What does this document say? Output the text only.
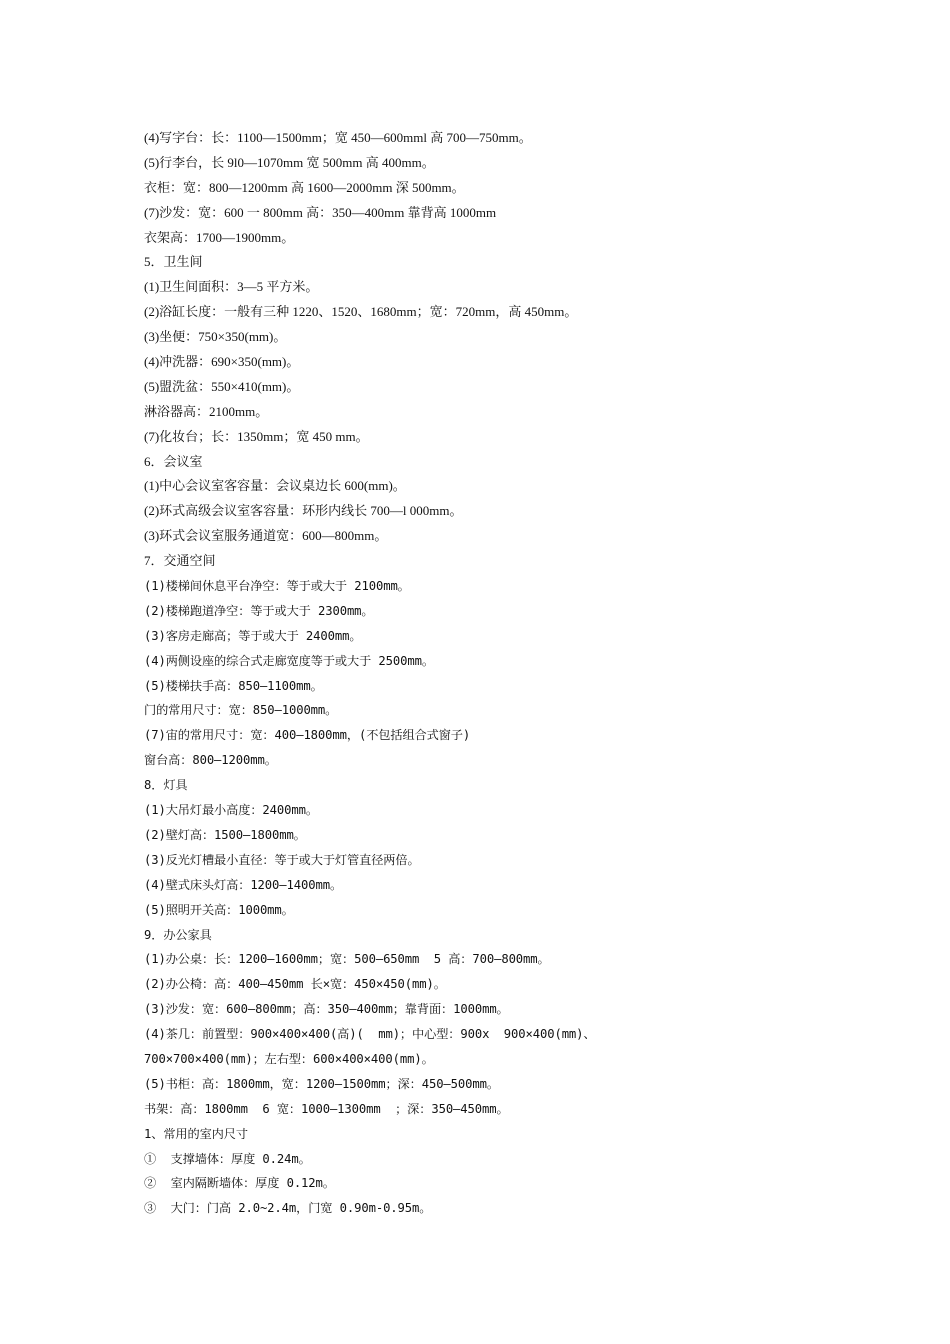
(4)写字台：长：1100—1500mm；宽 450—600mml 高 700—750mm。
(5)行李台，长 9l0—1070mm 宽 500mm 高 400mm。
衣柜：宽：800—1200mm 高 1600—2000mm 深 500mm。
(7)沙发：宽：600 一 800mm 高：350—400mm 靠背高 1000mm
衣架高：1700—1900mm。
5．卫生间
(1)卫生间面积：3—5 平方米。
(2)浴缸长度：一般有三种 1220、1520、1680mm；宽：720mm，高 450mm。
(3)坐便：750×350(mm)。
(4)冲洗器：690×350(mm)。
(5)盟洗盆：550×410(mm)。
淋浴器高：2100mm。
(7)化妆台；长：1350mm；宽 450 mm。
6．会议室
(1)中心会议室客容量：会议桌边长 600(mm)。
(2)环式高级会议室客容量：环形内线长 700—l 000mm。
(3)环式会议室服务通道宽：600—800mm。
7．交通空间
(1)楼梯间休息平台净空：等于或大于 2100mm。
(2)楼梯跑道净空：等于或大于 2300mm。
(3)客房走廊高；等于或大于 2400mm。
(4)两侧设座的综合式走廊宽度等于或大于 2500mm。
(5)楼梯扶手高：850—1100mm。
门的常用尺寸：宽：850—1000mm。
(7)宙的常用尺寸：宽：400—1800mm，(不包括组合式窗子)
窗台高：800—1200mm。
8．灯具
(1)大吊灯最小高度：2400mm。
(2)壁灯高：1500—1800mm。
(3)反光灯槽最小直径：等于或大于灯管直径两倍。
(4)壁式床头灯高：1200—1400mm。
(5)照明开关高：1000mm。
9．办公家具
(1)办公桌：长：1200—1600mm；宽：500—650mm  5 高：700—800mm。
(2)办公椅：高：400—450mm 长×宽：450×450(mm)。
(3)沙发：宽：600—800mm；高：350—400mm；靠背面：1000mm。
(4)茶几：前置型：900×400×400(高)(  mm)；中心型：900x  900×400(mm)、
700×700×400(mm)；左右型：600×400×400(mm)。
(5)书柜：高：1800mm，宽：1200—1500mm；深：450—500mm。
书架：高：1800mm  6 宽：1000—1300mm  ；深：350—450mm。
1、常用的室内尺寸
①  支撑墙体：厚度 0.24m。
②  室内隔断墙体：厚度 0.12m。
③  大门：门高 2.0~2.4m，门宽 0.90m-0.95m。
